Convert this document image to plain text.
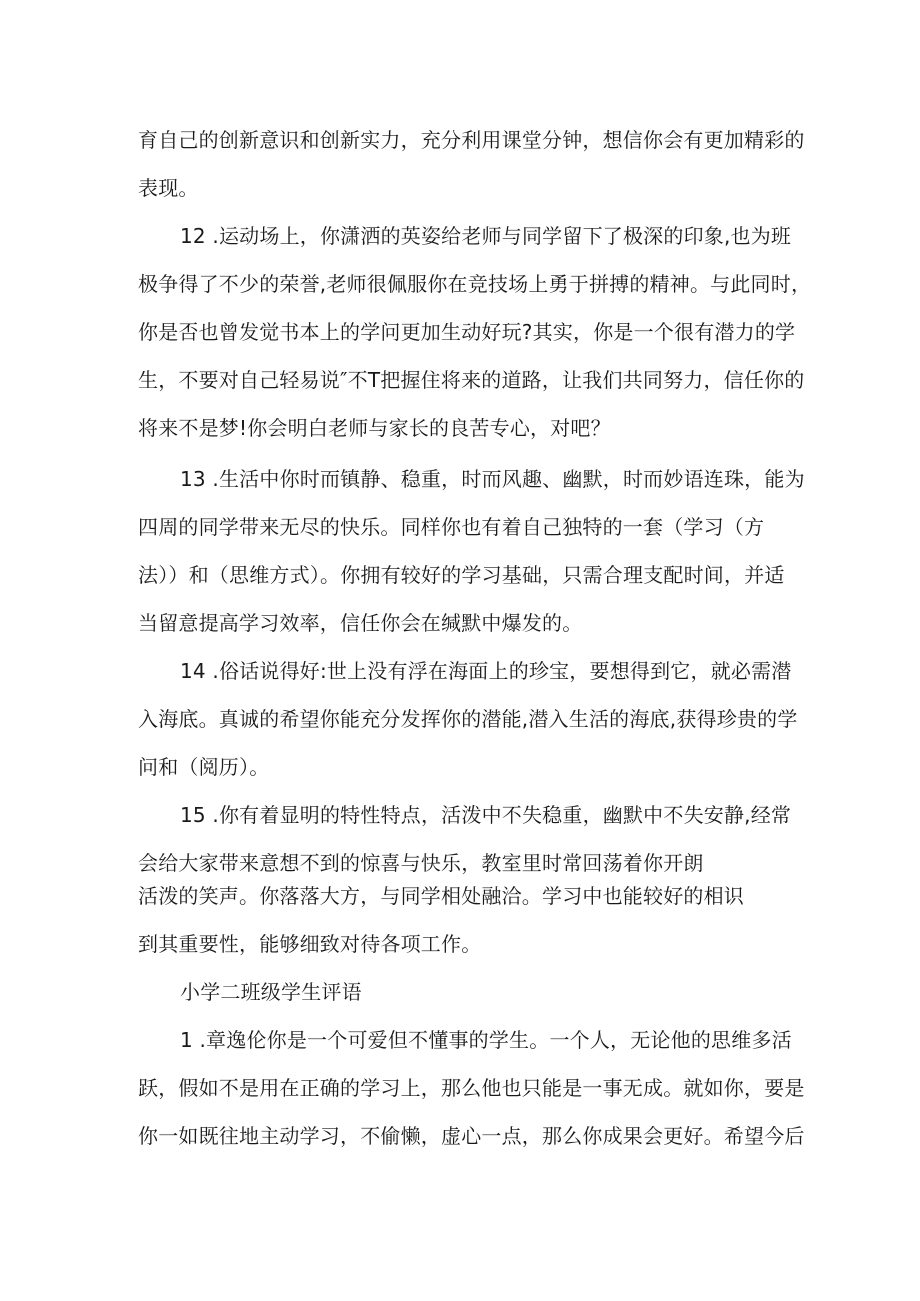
育自己的创新意识和创新实力，充分利用课堂分钟，想信你会有更加精彩的
表现。
12 .运动场上，你潇洒的英姿给老师与同学留下了极深的印象,也为班
极争得了不少的荣誉,老师很佩服你在竞技场上勇于拼搏的精神。与此同时，
你是否也曾发觉书本上的学问更加生动好玩?其实，你是一个很有潜力的学
生，不要对自己轻易说″不T把握住将来的道路，让我们共同努力，信任你的
将来不是梦!你会明白老师与家长的良苦专心，对吧？
13 .生活中你时而镇静、稳重，时而风趣、幽默，时而妙语连珠，能为
四周的同学带来无尽的快乐。同样你也有着自己独特的一套（学习（方
法））和（思维方式）。你拥有较好的学习基础，只需合理支配时间，并适
当留意提高学习效率，信任你会在缄默中爆发的。
14 .俗话说得好:世上没有浮在海面上的珍宝，要想得到它，就必需潜
入海底。真诚的希望你能充分发挥你的潜能,潜入生活的海底,获得珍贵的学
问和（阅历）。
15 .你有着显明的特性特点，活泼中不失稳重，幽默中不失安静,经常
会给大家带来意想不到的惊喜与快乐，教室里时常回荡着你开朗
活泼的笑声。你落落大方，与同学相处融洽。学习中也能较好的相识
到其重要性，能够细致对待各项工作。
小学二班级学生评语
1 .章逸伦你是一个可爱但不懂事的学生。一个人，无论他的思维多活
跃，假如不是用在正确的学习上，那么他也只能是一事无成。就如你，要是
你一如既往地主动学习，不偷懒，虚心一点，那么你成果会更好。希望今后
